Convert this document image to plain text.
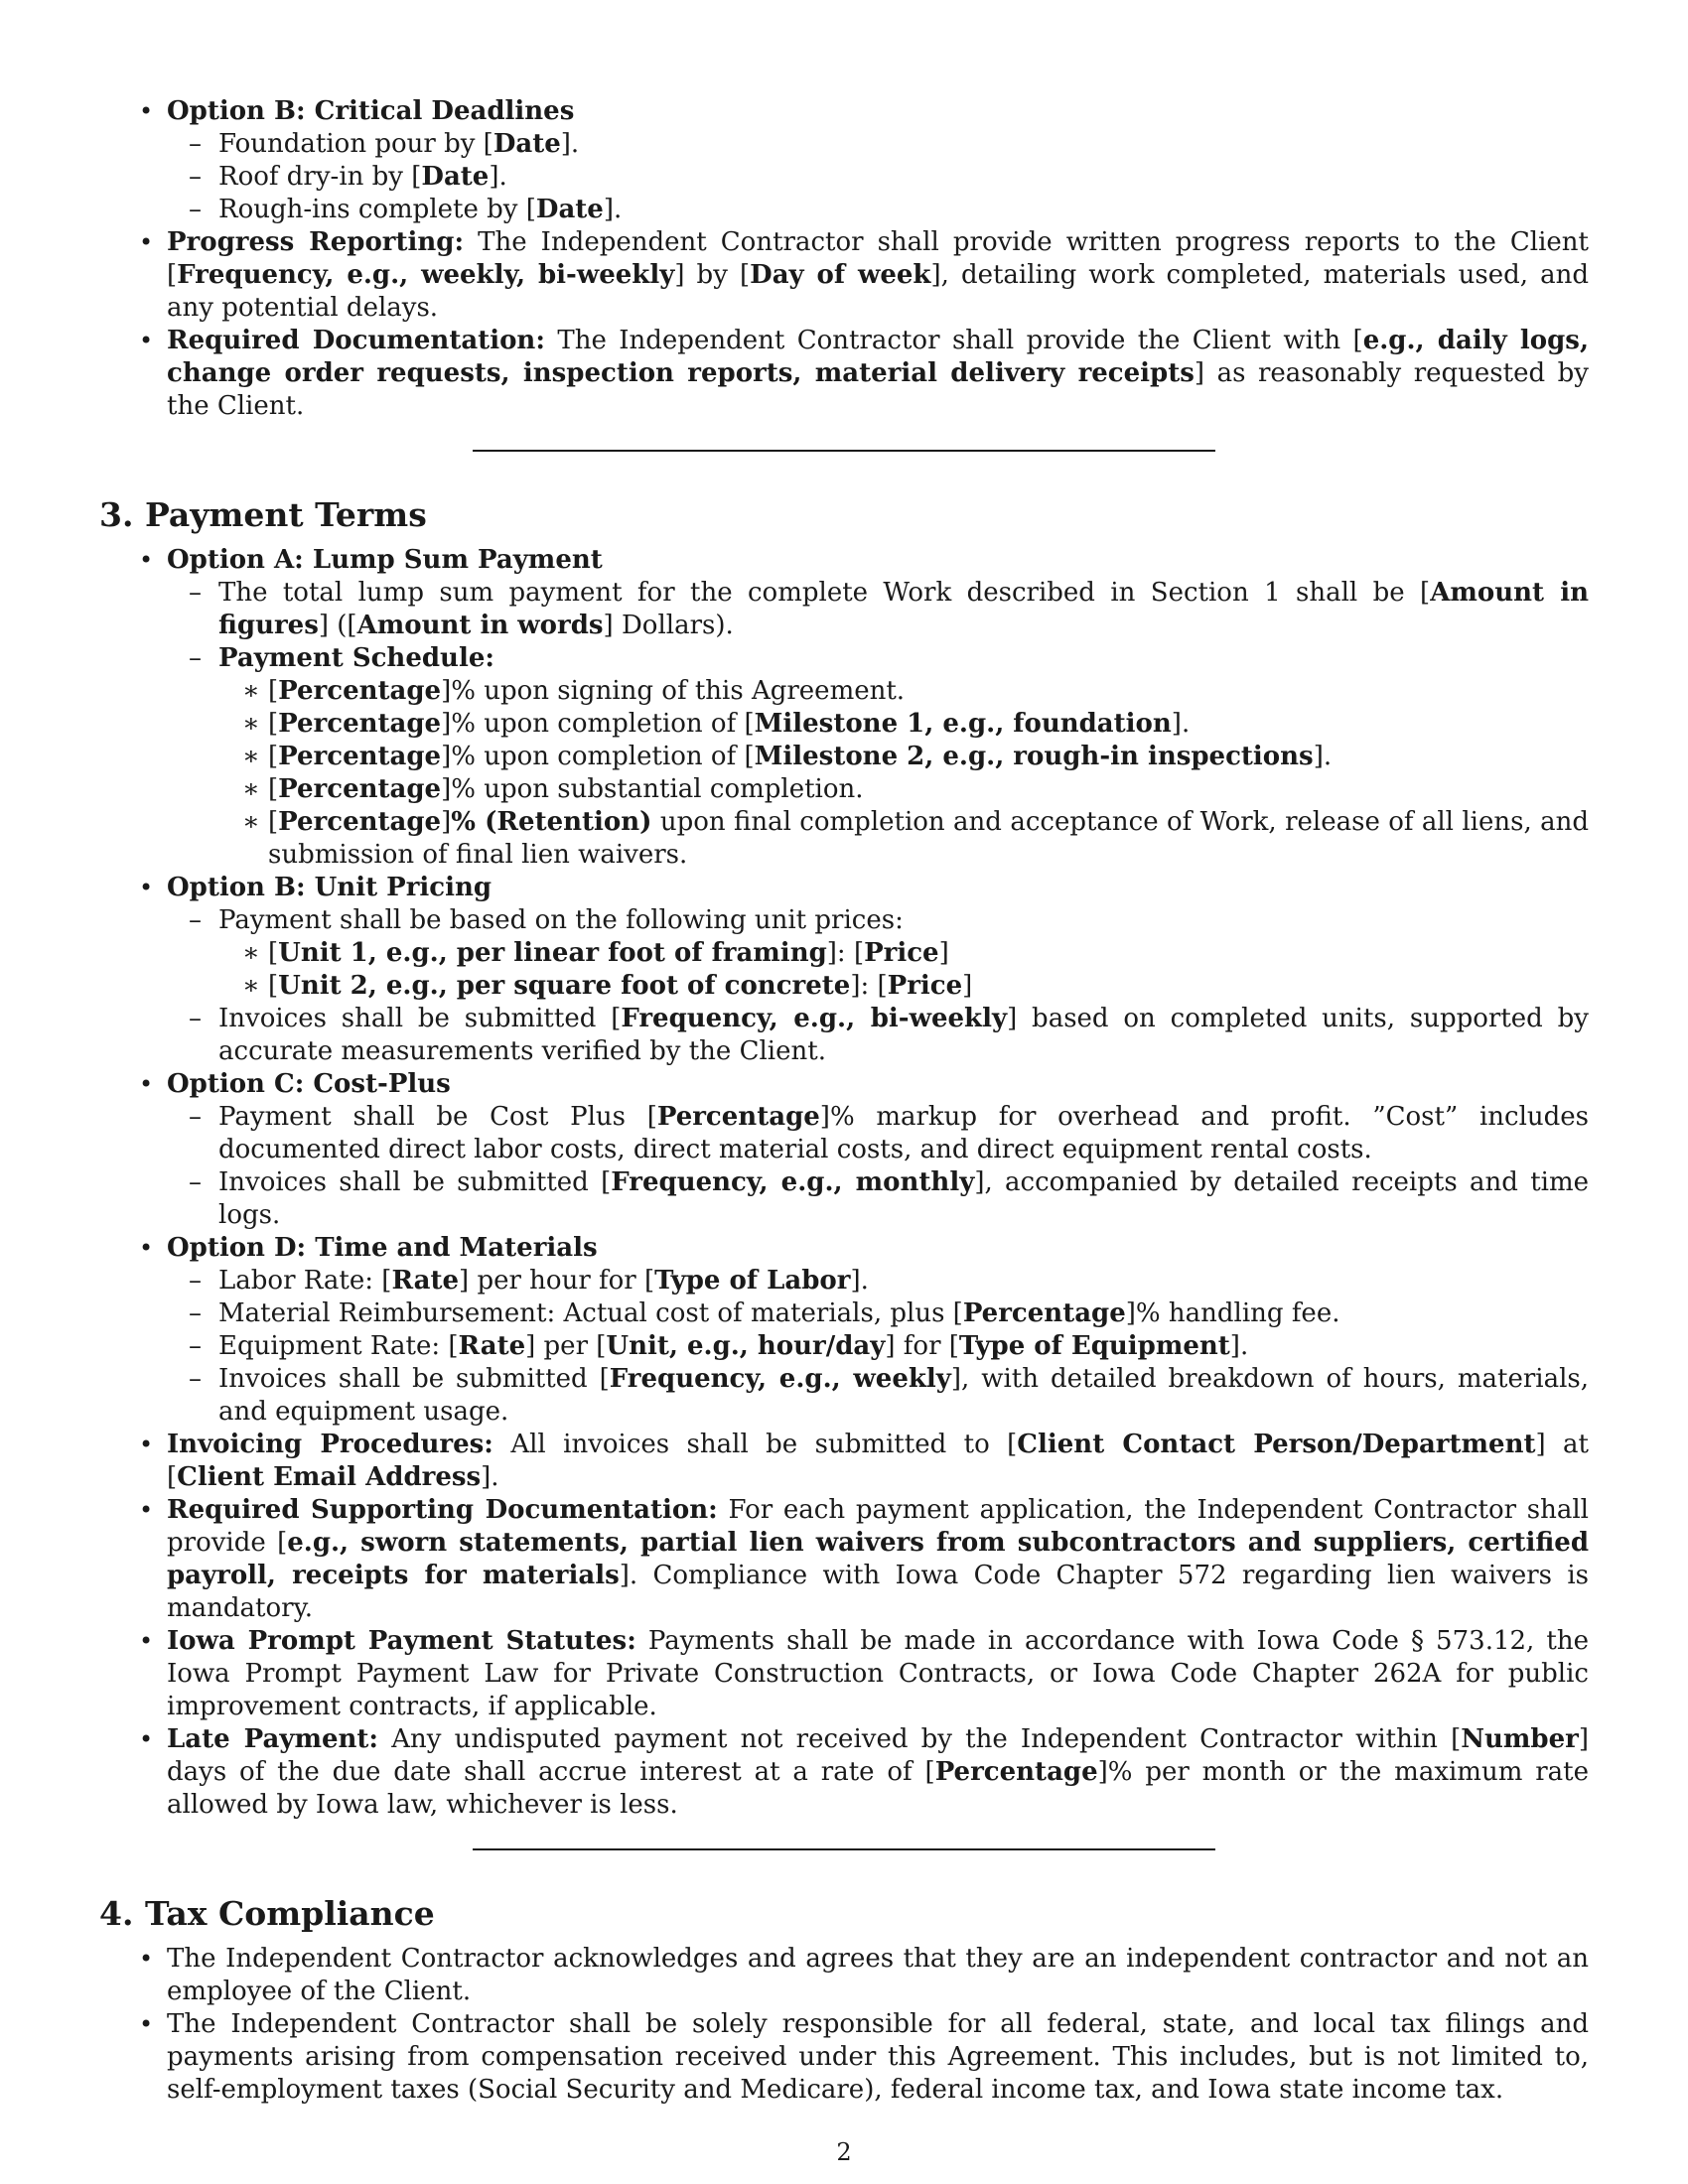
• Option B: Critical Deadlines
– Foundation pour by [Date].
– Roof dry-in by [Date].
– Rough-ins complete by [Date].
• Progress Reporting: The Independent Contractor shall provide written progress reports to the Client [Frequency, e.g., weekly, bi-weekly] by [Day of week], detailing work completed, materials used, and any potential delays.
• Required Documentation: The Independent Contractor shall provide the Client with [e.g., daily logs, change order requests, inspection reports, material delivery receipts] as reasonably requested by the Client.
3. Payment Terms
• Option A: Lump Sum Payment
– The total lump sum payment for the complete Work described in Section 1 shall be [Amount in figures] ([Amount in words] Dollars).
– Payment Schedule:
∗ [Percentage]% upon signing of this Agreement.
∗ [Percentage]% upon completion of [Milestone 1, e.g., foundation].
∗ [Percentage]% upon completion of [Milestone 2, e.g., rough-in inspections].
∗ [Percentage]% upon substantial completion.
∗ [Percentage]% (Retention) upon final completion and acceptance of Work, release of all liens, and submission of final lien waivers.
• Option B: Unit Pricing
– Payment shall be based on the following unit prices:
∗ [Unit 1, e.g., per linear foot of framing]: [Price]
∗ [Unit 2, e.g., per square foot of concrete]: [Price]
– Invoices shall be submitted [Frequency, e.g., bi-weekly] based on completed units, supported by accurate measurements verified by the Client.
• Option C: Cost-Plus
– Payment shall be Cost Plus [Percentage]% markup for overhead and profit. ”Cost” includes documented direct labor costs, direct material costs, and direct equipment rental costs.
– Invoices shall be submitted [Frequency, e.g., monthly], accompanied by detailed receipts and time logs.
• Option D: Time and Materials
– Labor Rate: [Rate] per hour for [Type of Labor].
– Material Reimbursement: Actual cost of materials, plus [Percentage]% handling fee.
– Equipment Rate: [Rate] per [Unit, e.g., hour/day] for [Type of Equipment].
– Invoices shall be submitted [Frequency, e.g., weekly], with detailed breakdown of hours, materials, and equipment usage.
• Invoicing Procedures: All invoices shall be submitted to [Client Contact Person/Department] at [Client Email Address].
• Required Supporting Documentation: For each payment application, the Independent Contractor shall provide [e.g., sworn statements, partial lien waivers from subcontractors and suppliers, certified payroll, receipts for materials]. Compliance with Iowa Code Chapter 572 regarding lien waivers is mandatory.
• Iowa Prompt Payment Statutes: Payments shall be made in accordance with Iowa Code § 573.12, the Iowa Prompt Payment Law for Private Construction Contracts, or Iowa Code Chapter 262A for public improvement contracts, if applicable.
• Late Payment: Any undisputed payment not received by the Independent Contractor within [Number] days of the due date shall accrue interest at a rate of [Percentage]% per month or the maximum rate allowed by Iowa law, whichever is less.
4. Tax Compliance
• The Independent Contractor acknowledges and agrees that they are an independent contractor and not an employee of the Client.
• The Independent Contractor shall be solely responsible for all federal, state, and local tax filings and payments arising from compensation received under this Agreement. This includes, but is not limited to, self-employment taxes (Social Security and Medicare), federal income tax, and Iowa state income tax.
2
